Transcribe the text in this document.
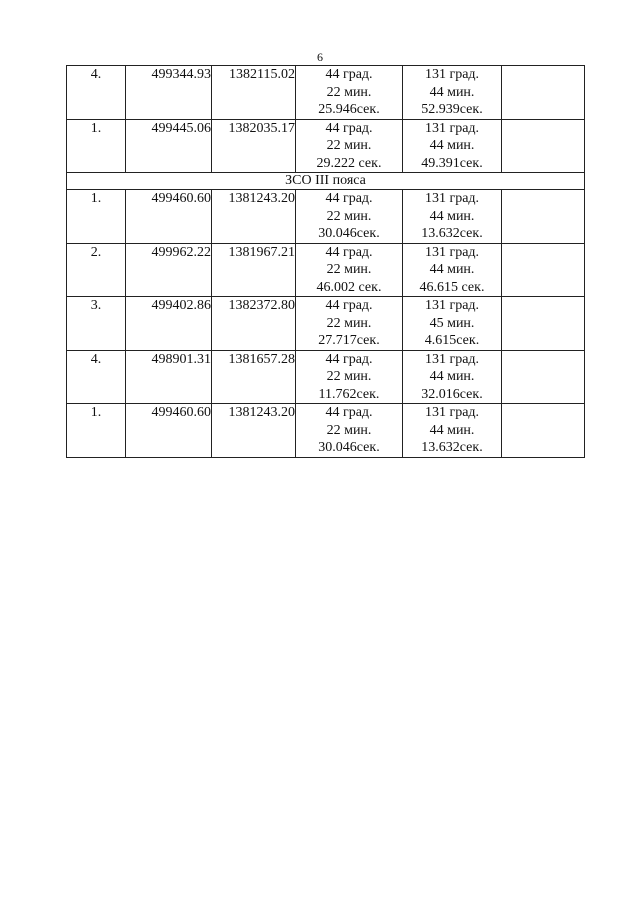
6
4.	499344.93	1382115.02	44 град.
22 мин.
25.946сек.	131 град.
44 мин.
52.939сек.	

1.	499445.06	1382035.17	44 град.
22 мин.
29.222 сек.	131 град.
44 мин.
49.391сек.	

ЗСО III пояса					
1.	499460.60	1381243.20	44 град.
22 мин.
30.046сек.	131 град.
44 мин.
13.632сек.	

2.	499962.22	1381967.21	44 град.
22 мин.
46.002 сек.	131 град.
44 мин.
46.615 сек.	

3.	499402.86	1382372.80	44 град.
22 мин.
27.717сек.	131 град.
45 мин.
4.615сек.	

4.	498901.31	1381657.28	44 град.
22 мин.
11.762сек.	131 град.
44 мин.
32.016сек.	

1.	499460.60	1381243.20	44 град.
22 мин.
30.046сек.	131 град.
44 мин.
13.632сек.	
